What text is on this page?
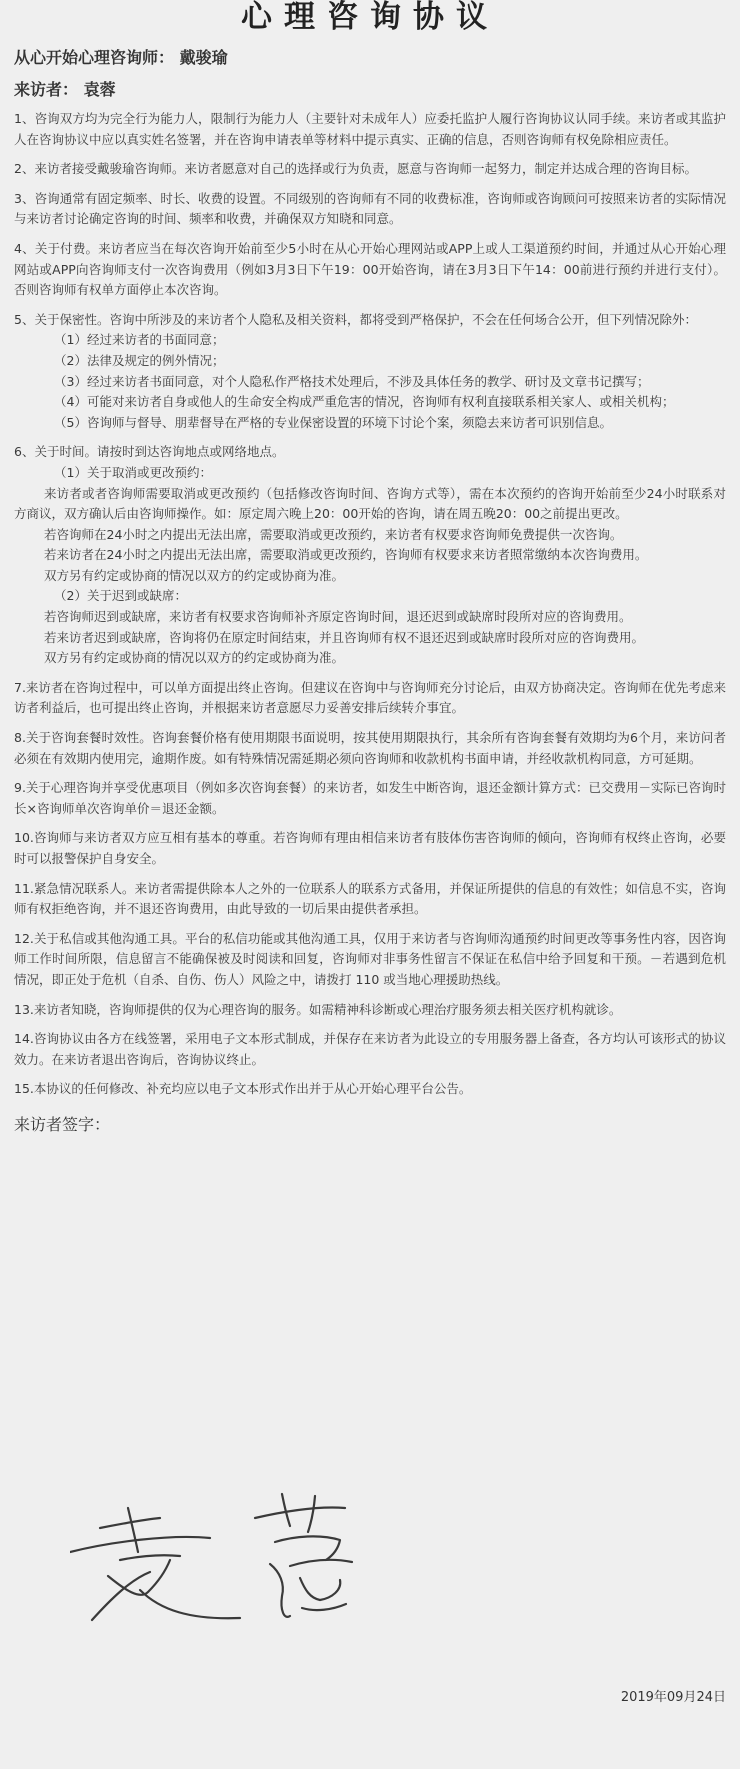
心理咨询协议
从心开始心理咨询师： 戴骏瑜
来访者： 袁蓉

1、咨询双方均为完全行为能力人，限制行为能力人（主要针对未成年人）应委托监护人履行咨询协议认同手续。来访者或其监护人在咨询协议中应以真实姓名签署，并在咨询申请表单等材料中提示真实、正确的信息，否则咨询师有权免除相应责任。

2、来访者接受戴骏瑜咨询师。来访者愿意对自己的选择或行为负责，愿意与咨询师一起努力，制定并达成合理的咨询目标。

3、咨询通常有固定频率、时长、收费的设置。不同级别的咨询师有不同的收费标准，咨询师或咨询顾问可按照来访者的实际情况与来访者讨论确定咨询的时间、频率和收费，并确保双方知晓和同意。

4、关于付费。来访者应当在每次咨询开始前至少5小时在从心开始心理网站或APP上或人工渠道预约时间，并通过从心开始心理网站或APP向咨询师支付一次咨询费用（例如3月3日下午19：00开始咨询，请在3月3日下午14：00前进行预约并进行支付）。否则咨询师有权单方面停止本次咨询。

5、关于保密性。咨询中所涉及的来访者个人隐私及相关资料，都将受到严格保护，不会在任何场合公开，但下列情况除外：

（1）经过来访者的书面同意；

（2）法律及规定的例外情况；

（3）经过来访者书面同意，对个人隐私作严格技术处理后，不涉及具体任务的教学、研讨及文章书记撰写；

（4）可能对来访者自身或他人的生命安全构成严重危害的情况，咨询师有权利直接联系相关家人、或相关机构；

（5）咨询师与督导、朋辈督导在严格的专业保密设置的环境下讨论个案，须隐去来访者可识别信息。

6、关于时间。请按时到达咨询地点或网络地点。

（1）关于取消或更改预约：

来访者或者咨询师需要取消或更改预约（包括修改咨询时间、咨询方式等），需在本次预约的咨询开始前至少24小时联系对方商议，双方确认后由咨询师操作。如：原定周六晚上20：00开始的咨询，请在周五晚20：00之前提出更改。

若咨询师在24小时之内提出无法出席，需要取消或更改预约，来访者有权要求咨询师免费提供一次咨询。

若来访者在24小时之内提出无法出席，需要取消或更改预约，咨询师有权要求来访者照常缴纳本次咨询费用。

双方另有约定或协商的情况以双方的约定或协商为准。

（2）关于迟到或缺席：

若咨询师迟到或缺席，来访者有权要求咨询师补齐原定咨询时间，退还迟到或缺席时段所对应的咨询费用。

若来访者迟到或缺席，咨询将仍在原定时间结束，并且咨询师有权不退还迟到或缺席时段所对应的咨询费用。

双方另有约定或协商的情况以双方的约定或协商为准。

7.来访者在咨询过程中，可以单方面提出终止咨询。但建议在咨询中与咨询师充分讨论后，由双方协商决定。咨询师在优先考虑来访者利益后，也可提出终止咨询，并根据来访者意愿尽力妥善安排后续转介事宜。

8.关于咨询套餐时效性。咨询套餐价格有使用期限书面说明，按其使用期限执行，其余所有咨询套餐有效期均为6个月，来访问者必须在有效期内使用完，逾期作废。如有特殊情况需延期必须向咨询师和收款机构书面申请，并经收款机构同意，方可延期。

9.关于心理咨询并享受优惠项目（例如多次咨询套餐）的来访者，如发生中断咨询，退还金额计算方式：已交费用－实际已咨询时长×咨询师单次咨询单价＝退还金额。

10.咨询师与来访者双方应互相有基本的尊重。若咨询师有理由相信来访者有肢体伤害咨询师的倾向，咨询师有权终止咨询，必要时可以报警保护自身安全。

11.紧急情况联系人。来访者需提供除本人之外的一位联系人的联系方式备用，并保证所提供的信息的有效性；如信息不实，咨询师有权拒绝咨询，并不退还咨询费用，由此导致的一切后果由提供者承担。

12.关于私信或其他沟通工具。平台的私信功能或其他沟通工具，仅用于来访者与咨询师沟通预约时间更改等事务性内容，因咨询师工作时间所限，信息留言不能确保被及时阅读和回复，咨询师对非事务性留言不保证在私信中给予回复和干预。－若遇到危机情况，即正处于危机（自杀、自伤、伤人）风险之中，请拨打 110 或当地心理援助热线。

13.来访者知晓，咨询师提供的仅为心理咨询的服务。如需精神科诊断或心理治疗服务须去相关医疗机构就诊。

14.咨询协议由各方在线签署，采用电子文本形式制成，并保存在来访者为此设立的专用服务器上备查，各方均认可该形式的协议效力。在来访者退出咨询后，咨询协议终止。

15.本协议的任何修改、补充均应以电子文本形式作出并于从心开始心理平台公告。

来访者签字：
袁蓉
2019年09月24日
